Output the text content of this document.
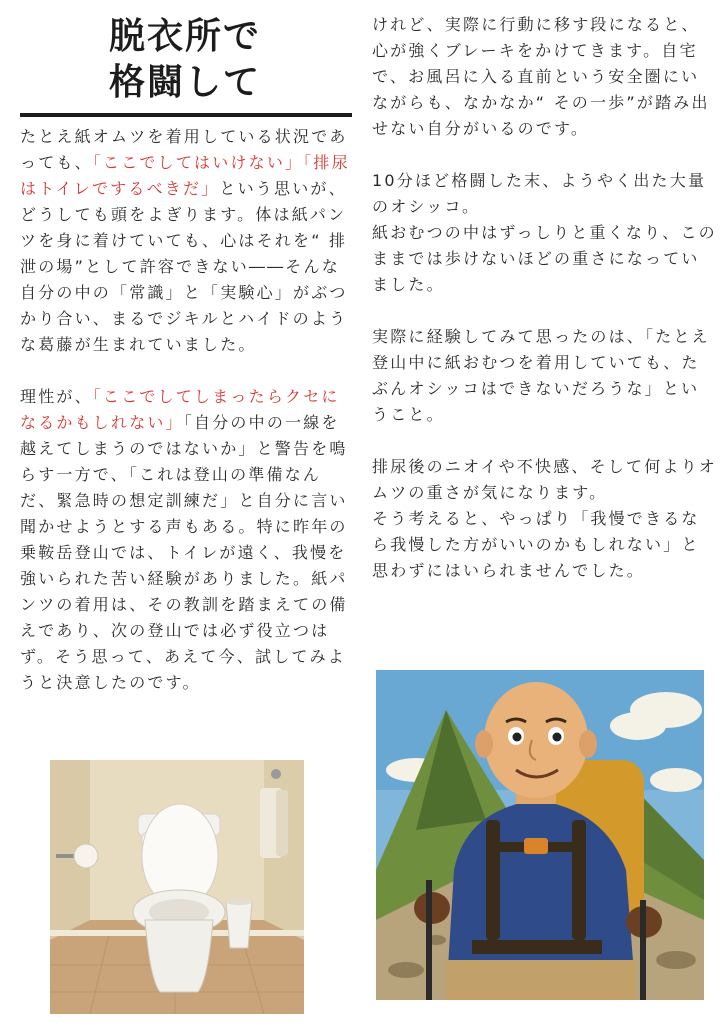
脱衣所で
格闘して

たとえ紙オムツを着用している状況であっても、「ここでしてはいけない」「排尿はトイレでするべきだ」という思いが、どうしても頭をよぎります。体は紙パンツを身に着けていても、心はそれを“ 排泄の場”として許容できない――そんな自分の中の「常識」と「実験心」がぶつかり合い、まるでジキルとハイドのような葛藤が生まれていました。

理性が、「ここでしてしまったらクセになるかもしれない」「自分の中の一線を越えてしまうのではないか」と警告を鳴らす一方で、「これは登山の準備なんだ、緊急時の想定訓練だ」と自分に言い聞かせようとする声もある。特に昨年の乗鞍岳登山では、トイレが遠く、我慢を強いられた苦い経験がありました。紙パンツの着用は、その教訓を踏まえての備えであり、次の登山では必ず役立つはず。そう思って、あえて今、試してみようと決意したのです。

けれど、実際に行動に移す段になると、心が強くブレーキをかけてきます。自宅で、お風呂に入る直前という安全圏にいながらも、なかなか“ その一歩”が踏み出せない自分がいるのです。

10分ほど格闘した末、ようやく出た大量のオシッコ。
紙おむつの中はずっしりと重くなり、このままでは歩けないほどの重さになっていました。

実際に経験してみて思ったのは、「たとえ登山中に紙おむつを着用していても、たぶんオシッコはできないだろうな」ということ。

排尿後のニオイや不快感、そして何よりオムツの重さが気になります。
そう考えると、やっぱり「我慢できるなら我慢した方がいいのかもしれない」と思わずにはいられませんでした。
